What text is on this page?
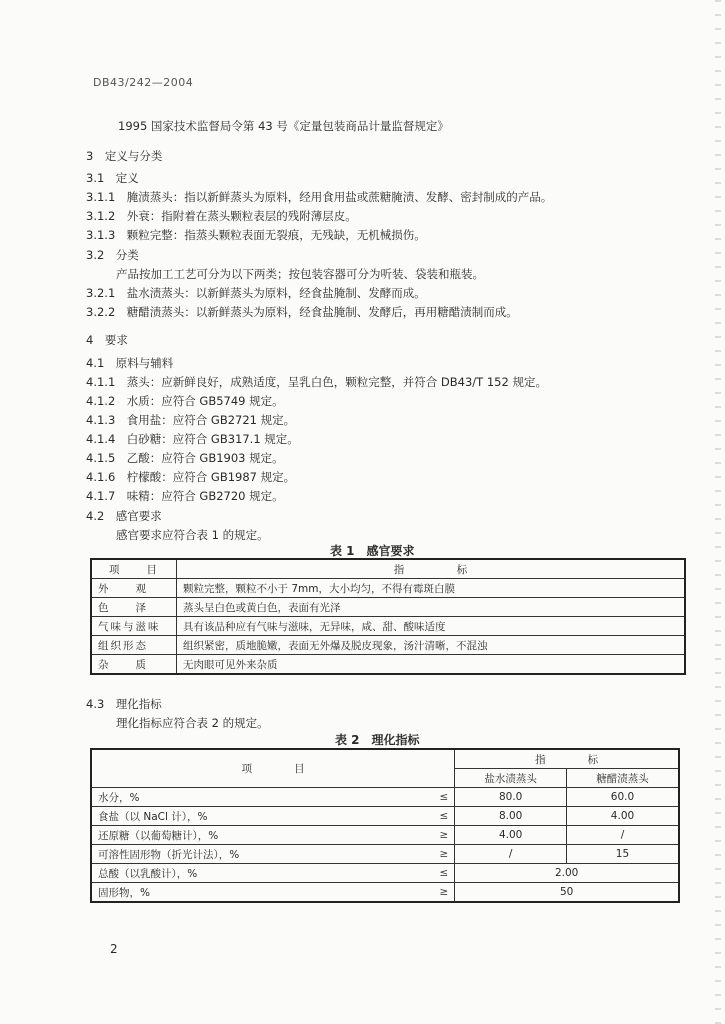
DB43/242—2004
1995 国家技术监督局令第 43 号《定量包装商品计量监督规定》
3　定义与分类
3.1　定义
3.1.1　腌渍蒸头：指以新鲜蒸头为原料，经用食用盐或蔗糖腌渍、发酵、密封制成的产品。
3.1.2　外衰：指附着在蒸头颗粒表层的残附薄层皮。
3.1.3　颗粒完整：指蒸头颗粒表面无裂痕，无残缺，无机械损伤。
3.2　分类
产品按加工工艺可分为以下两类；按包装容器可分为听装、袋装和瓶装。
3.2.1　盐水渍蒸头：以新鲜蒸头为原料，经食盐腌制、发酵而成。
3.2.2　糖醋渍蒸头：以新鲜蒸头为原料，经食盐腌制、发酵后，再用糖醋渍制而成。
4　要求
4.1　原料与辅料
4.1.1　蒸头：应新鲜良好，成熟适度，呈乳白色，颗粒完整，并符合 DB43/T 152 规定。
4.1.2　水质：应符合 GB5749 规定。
4.1.3　食用盐：应符合 GB2721 规定。
4.1.4　白砂糖：应符合 GB317.1 规定。
4.1.5　乙酸：应符合 GB1903 规定。
4.1.6　柠檬酸：应符合 GB1987 规定。
4.1.7　味精：应符合 GB2720 规定。
4.2　感官要求
感官要求应符合表 1 的规定。
表 1　感官要求
项　　目	指　　　　　标
外　　观	颗粒完整，颗粒不小于 7mm，大小均匀，不得有霉斑白膜
色　　泽	蒸头呈白色或黄白色，表面有光泽
气味与滋味	具有该品种应有气味与滋味，无异味，咸、甜、酸味适度
组织形态	组织紧密，质地脆嫩，表面无外爆及脱皮现象，汤汁清晰，不混浊
杂　　质	无肉眼可见外来杂质
4.3　理化指标
理化指标应符合表 2 的规定。
表 2　理化指标
项　　　　目		指　　　　标	
		盐水渍蒸头	糖醋渍蒸头
水分，%	≤	80.0	60.0
食盐（以 NaCl 计），%	≤	8.00	4.00
还原糖（以葡萄糖计），%	≥	4.00	/
可溶性固形物（折光计法），%	≥	/	15
总酸（以乳酸计），%	≤	2.00	
固形物，%	≥	50	
2
